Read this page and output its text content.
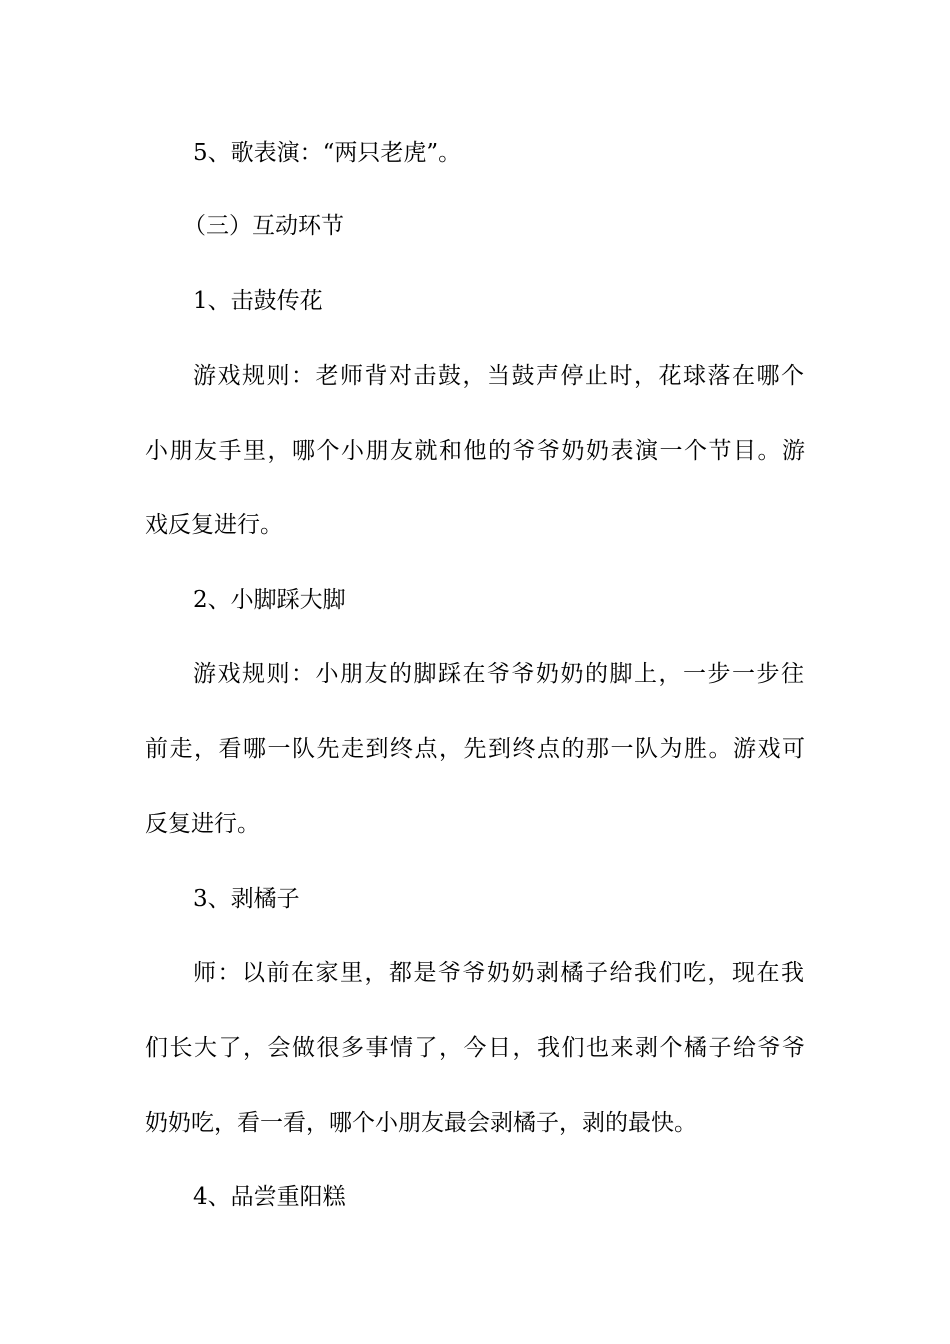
5、歌表演：“两只老虎”。
（三）互动环节
1、击鼓传花
游戏规则：老师背对击鼓，当鼓声停止时，花球落在哪个
小朋友手里，哪个小朋友就和他的爷爷奶奶表演一个节目。游
戏反复进行。
2、小脚踩大脚
游戏规则：小朋友的脚踩在爷爷奶奶的脚上，一步一步往
前走，看哪一队先走到终点，先到终点的那一队为胜。游戏可
反复进行。
3、剥橘子
师：以前在家里，都是爷爷奶奶剥橘子给我们吃，现在我
们长大了，会做很多事情了，今日，我们也来剥个橘子给爷爷
奶奶吃，看一看，哪个小朋友最会剥橘子，剥的最快。
4、品尝重阳糕
